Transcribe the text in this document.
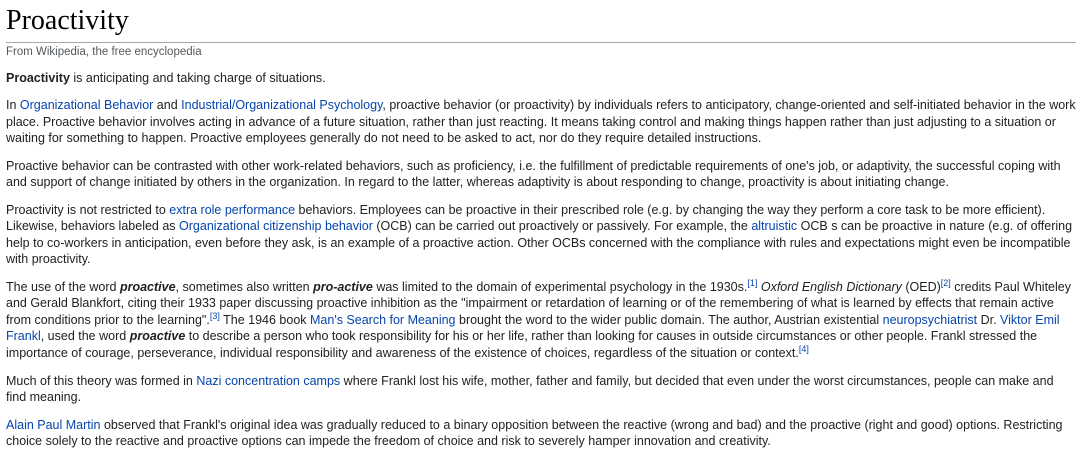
Proactivity
From Wikipedia, the free encyclopedia

Proactivity is anticipating and taking charge of situations.

In Organizational Behavior and Industrial/Organizational Psychology, proactive behavior (or proactivity) by individuals refers to anticipatory, change-oriented and self-initiated behavior in the work place. Proactive behavior involves acting in advance of a future situation, rather than just reacting. It means taking control and making things happen rather than just adjusting to a situation or waiting for something to happen. Proactive employees generally do not need to be asked to act, nor do they require detailed instructions.

Proactive behavior can be contrasted with other work-related behaviors, such as proficiency, i.e. the fulfillment of predictable requirements of one's job, or adaptivity, the successful coping with and support of change initiated by others in the organization. In regard to the latter, whereas adaptivity is about responding to change, proactivity is about initiating change.

Proactivity is not restricted to extra role performance behaviors. Employees can be proactive in their prescribed role (e.g. by changing the way they perform a core task to be more efficient). Likewise, behaviors labeled as Organizational citizenship behavior (OCB) can be carried out proactively or passively. For example, the altruistic OCB s can be proactive in nature (e.g. of offering help to co-workers in anticipation, even before they ask, is an example of a proactive action. Other OCBs concerned with the compliance with rules and expectations might even be incompatible with proactivity.

The use of the word proactive, sometimes also written pro-active was limited to the domain of experimental psychology in the 1930s.[1] Oxford English Dictionary (OED)[2] credits Paul Whiteley and Gerald Blankfort, citing their 1933 paper discussing proactive inhibition as the "impairment or retardation of learning or of the remembering of what is learned by effects that remain active from conditions prior to the learning".[3] The 1946 book Man's Search for Meaning brought the word to the wider public domain. The author, Austrian existential neuropsychiatrist Dr. Viktor Emil Frankl, used the word proactive to describe a person who took responsibility for his or her life, rather than looking for causes in outside circumstances or other people. Frankl stressed the importance of courage, perseverance, individual responsibility and awareness of the existence of choices, regardless of the situation or context.[4]

Much of this theory was formed in Nazi concentration camps where Frankl lost his wife, mother, father and family, but decided that even under the worst circumstances, people can make and find meaning.

Alain Paul Martin observed that Frankl's original idea was gradually reduced to a binary opposition between the reactive (wrong and bad) and the proactive (right and good) options. Restricting choice solely to the reactive and proactive options can impede the freedom of choice and risk to severely hamper innovation and creativity.
